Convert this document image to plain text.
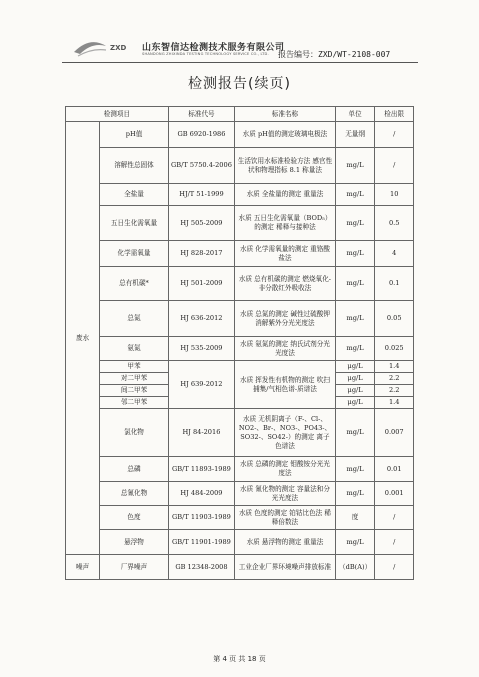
ZXD 山东智信达检测技术服务有限公司
SHANDONG ZHIXINDA TESTING TECHNOLOGY SERVICE CO., LTD. 报告编号：ZXD/WT-2108-007
检测报告(续页)
检测项目		标准代号	标准名称	单位	检出限
废水	pH值	GB 6920-1986	水质 pH值的测定玻璃电极法	无量纲	/
	溶解性总固体	GB/T 5750.4-2006	生活饮用水标准检验方法 感官性状和物理指标 8.1 称量法	mg/L	/
	全盐量	HJ/T 51-1999	水质 全盐量的测定 重量法	mg/L	10
	五日生化需氧量	HJ 505-2009	水质 五日生化需氧量（BOD₅）的测定 稀释与接种法	mg/L	0.5
	化学需氧量	HJ 828-2017	水质 化学需氧量的测定 重铬酸盐法	mg/L	4
	总有机碳*	HJ 501-2009	水质 总有机碳的测定 燃烧氧化-非分散红外吸收法	mg/L	0.1
	总氮	HJ 636-2012	水质 总氮的测定 碱性过硫酸钾消解紫外分光光度法	mg/L	0.05
	氨氮	HJ 535-2009	水质 氨氮的测定 纳氏试剂分光光度法	mg/L	0.025
	甲苯	HJ 639-2012	水质 挥发性有机物的测定 吹扫捕集/气相色谱-质谱法	μg/L	1.4
	对二甲苯			μg/L	2.2
	间二甲苯			μg/L	2.2
	邻二甲苯			μg/L	1.4
	氯化物	HJ 84-2016	水质 无机阴离子（F-、Cl-、NO2-、Br-、NO3-、PO43-、SO32-、SO42-）的测定 离子色谱法	mg/L	0.007
	总磷	GB/T 11893-1989	水质 总磷的测定 钼酸铵分光光度法	mg/L	0.01
	总氰化物	HJ 484-2009	水质 氰化物的测定 容量法和分光光度法	mg/L	0.001
	色度	GB/T 11903-1989	水质 色度的测定 铂钴比色法 稀释倍数法	度	/
	悬浮物	GB/T 11901-1989	水质 悬浮物的测定 重量法	mg/L	/
噪声	厂界噪声	GB 12348-2008	工业企业厂界环境噪声排放标准	（dB(A)）	/
第 4 页 共 18 页
